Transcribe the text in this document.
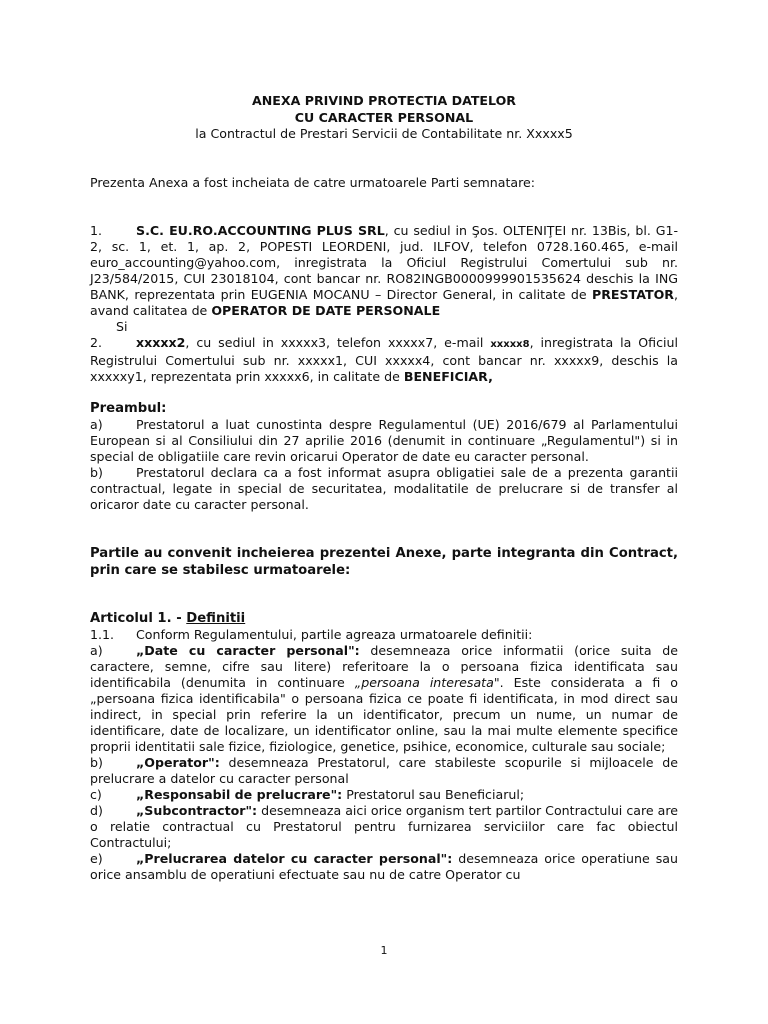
ANEXA PRIVIND PROTECTIA DATELOR
CU CARACTER PERSONAL
la Contractul de Prestari Servicii de Contabilitate nr. Xxxxx5

Prezenta Anexa a fost incheiata de catre urmatoarele Parti semnatare:

1.	S.C. EU.RO.ACCOUNTING PLUS SRL, cu sediul in Şos. OLTENIŢEI nr. 13Bis, bl. G1-2, sc. 1, et. 1, ap. 2, POPESTI LEORDENI, jud. ILFOV, telefon 0728.160.465, e-mail euro_accounting@yahoo.com, inregistrata la Oficiul Registrului Comertului sub nr. J23/584/2015, CUI 23018104, cont bancar nr. RO82INGB0000999901535624 deschis la ING BANK, reprezentata prin EUGENIA MOCANU – Director General, in calitate de PRESTATOR, avand calitatea de OPERATOR DE DATE PERSONALE

Si

2.	xxxxx2, cu sediul in xxxxx3, telefon xxxxx7, e-mail xxxxx8, inregistrata la Oficiul Registrului Comertului sub nr. xxxxx1, CUI xxxxx4, cont bancar nr. xxxxx9, deschis la xxxxxy1, reprezentata prin xxxxx6, in calitate de BENEFICIAR,

Preambul:

a)	Prestatorul a luat cunostinta despre Regulamentul (UE) 2016/679 al Parlamentului European si al Consiliului din 27 aprilie 2016 (denumit in continuare „Regulamentul") si in special de obligatiile care revin oricarui Operator de date eu caracter personal.

b)	Prestatorul declara ca a fost informat asupra obligatiei sale de a prezenta garantii contractual, legate in special de securitatea, modalitatile de prelucrare si de transfer al oricaror date cu caracter personal.

Partile au convenit incheierea prezentei Anexe, parte integranta din Contract, prin care se stabilesc urmatoarele:

Articolul 1. - Definitii

1.1. Conform Regulamentului, partile agreaza urmatoarele definitii:

a)	„Date cu caracter personal": desemneaza orice informatii (orice suita de caractere, semne, cifre sau litere) referitoare la o persoana fizica identificata sau identificabila (denumita in continuare „persoana interesata". Este considerata a fi o „persoana fizica identificabila" o persoana fizica ce poate fi identificata, in mod direct sau indirect, in special prin referire la un identificator, precum un nume, un numar de identificare, date de localizare, un identificator online, sau la mai multe elemente specifice proprii identitatii sale fizice, fiziologice, genetice, psihice, economice, culturale sau sociale;

b)	„Operator": desemneaza Prestatorul, care stabileste scopurile si mijloacele de prelucrare a datelor cu caracter personal

c)	„Responsabil de prelucrare": Prestatorul sau Beneficiarul;

d)	„Subcontractor": desemneaza aici orice organism tert partilor Contractului care are o relatie contractual cu Prestatorul pentru furnizarea serviciilor care fac obiectul Contractului;

e)	„Prelucrarea datelor cu caracter personal": desemneaza orice operatiune sau orice ansamblu de operatiuni efectuate sau nu de catre Operator cu

1
